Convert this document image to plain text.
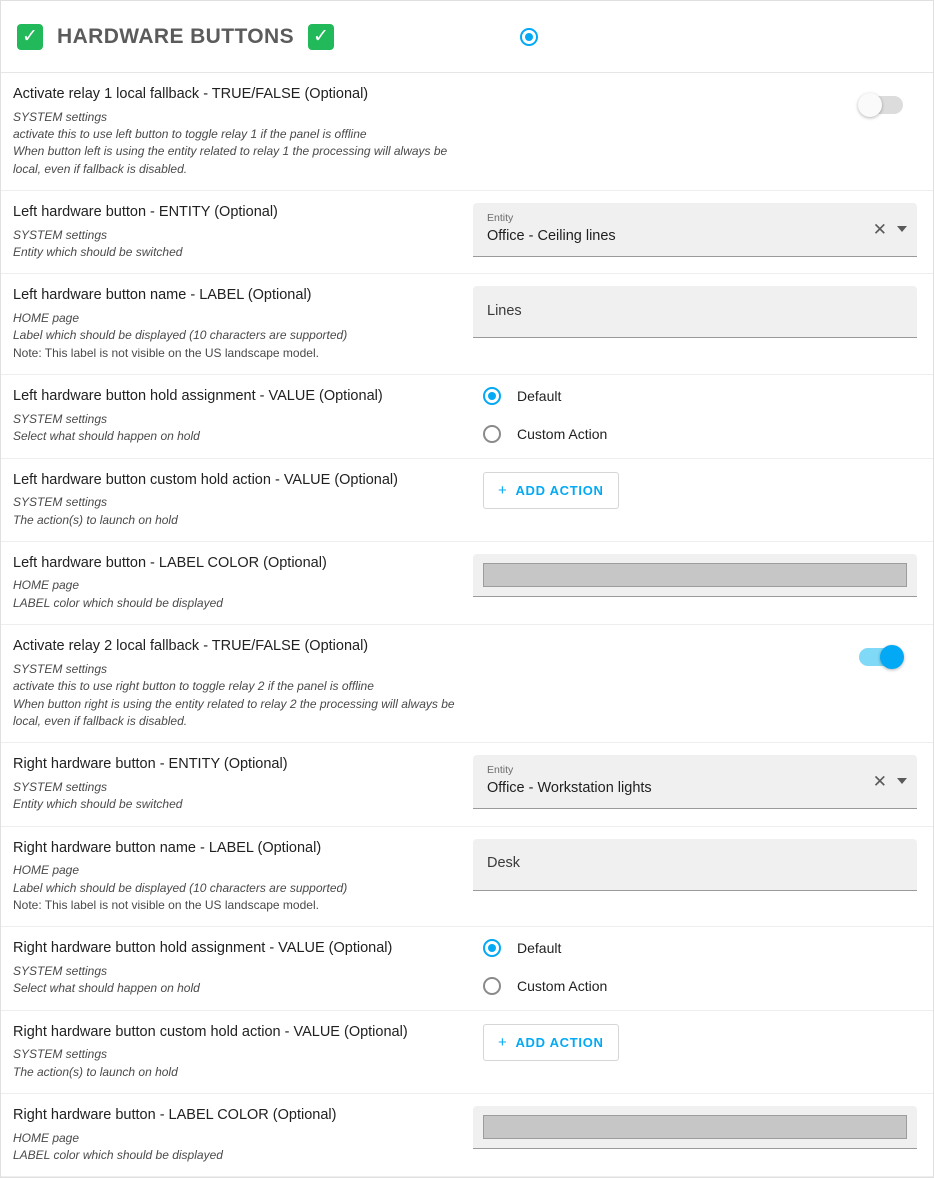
✓ HARDWARE BUTTONS ✓
Activate relay 1 local fallback - TRUE/FALSE (Optional)
SYSTEM settings
activate this to use left button to toggle relay 1 if the panel is offline
When button left is using the entity related to relay 1 the processing will always be local, even if fallback is disabled.
Left hardware button - ENTITY (Optional)
SYSTEM settings
Entity which should be switched
Entity
Office - Ceiling lines	✕
Left hardware button name - LABEL (Optional)
HOME page
Label which should be displayed (10 characters are supported)
Note: This label is not visible on the US landscape model.
Lines
Left hardware button hold assignment - VALUE (Optional)
SYSTEM settings
Select what should happen on hold
Default
Custom Action
Left hardware button custom hold action - VALUE (Optional)
SYSTEM settings
The action(s) to launch on hold
+ ADD ACTION
Left hardware button - LABEL COLOR (Optional)
HOME page
LABEL color which should be displayed
Activate relay 2 local fallback - TRUE/FALSE (Optional)
SYSTEM settings
activate this to use right button to toggle relay 2 if the panel is offline
When button right is using the entity related to relay 2 the processing will always be local, even if fallback is disabled.
Right hardware button - ENTITY (Optional)
SYSTEM settings
Entity which should be switched
Entity
Office - Workstation lights	✕
Right hardware button name - LABEL (Optional)
HOME page
Label which should be displayed (10 characters are supported)
Note: This label is not visible on the US landscape model.
Desk
Right hardware button hold assignment - VALUE (Optional)
SYSTEM settings
Select what should happen on hold
Default
Custom Action
Right hardware button custom hold action - VALUE (Optional)
SYSTEM settings
The action(s) to launch on hold
+ ADD ACTION
Right hardware button - LABEL COLOR (Optional)
HOME page
LABEL color which should be displayed
